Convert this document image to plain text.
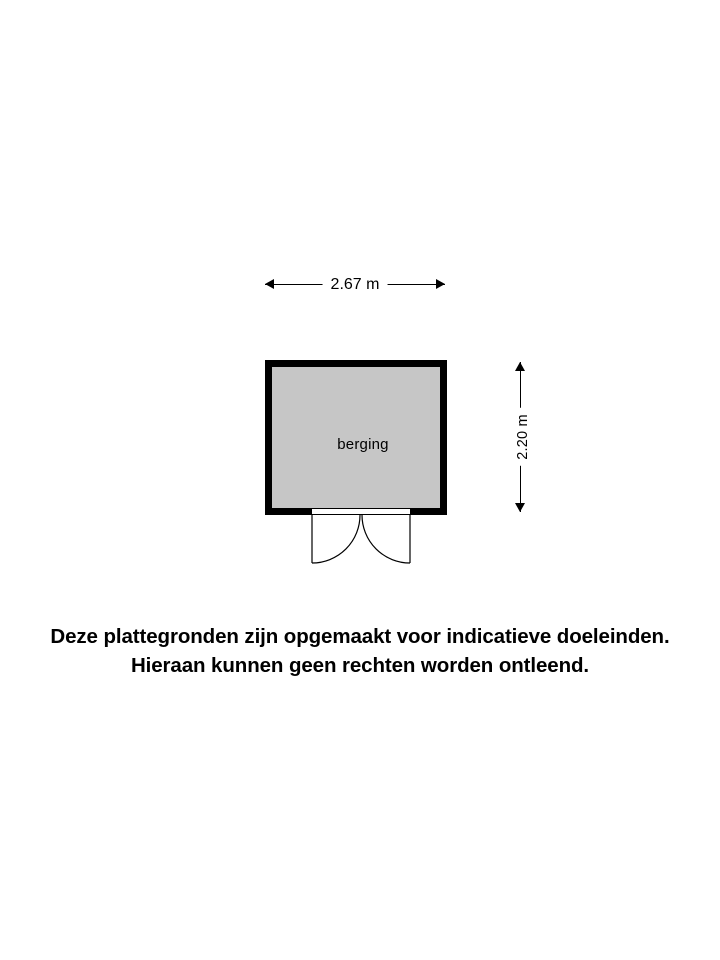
2.67 m
2.20 m
berging
Deze plattegronden zijn opgemaakt voor indicatieve doeleinden.
Hieraan kunnen geen rechten worden ontleend.
